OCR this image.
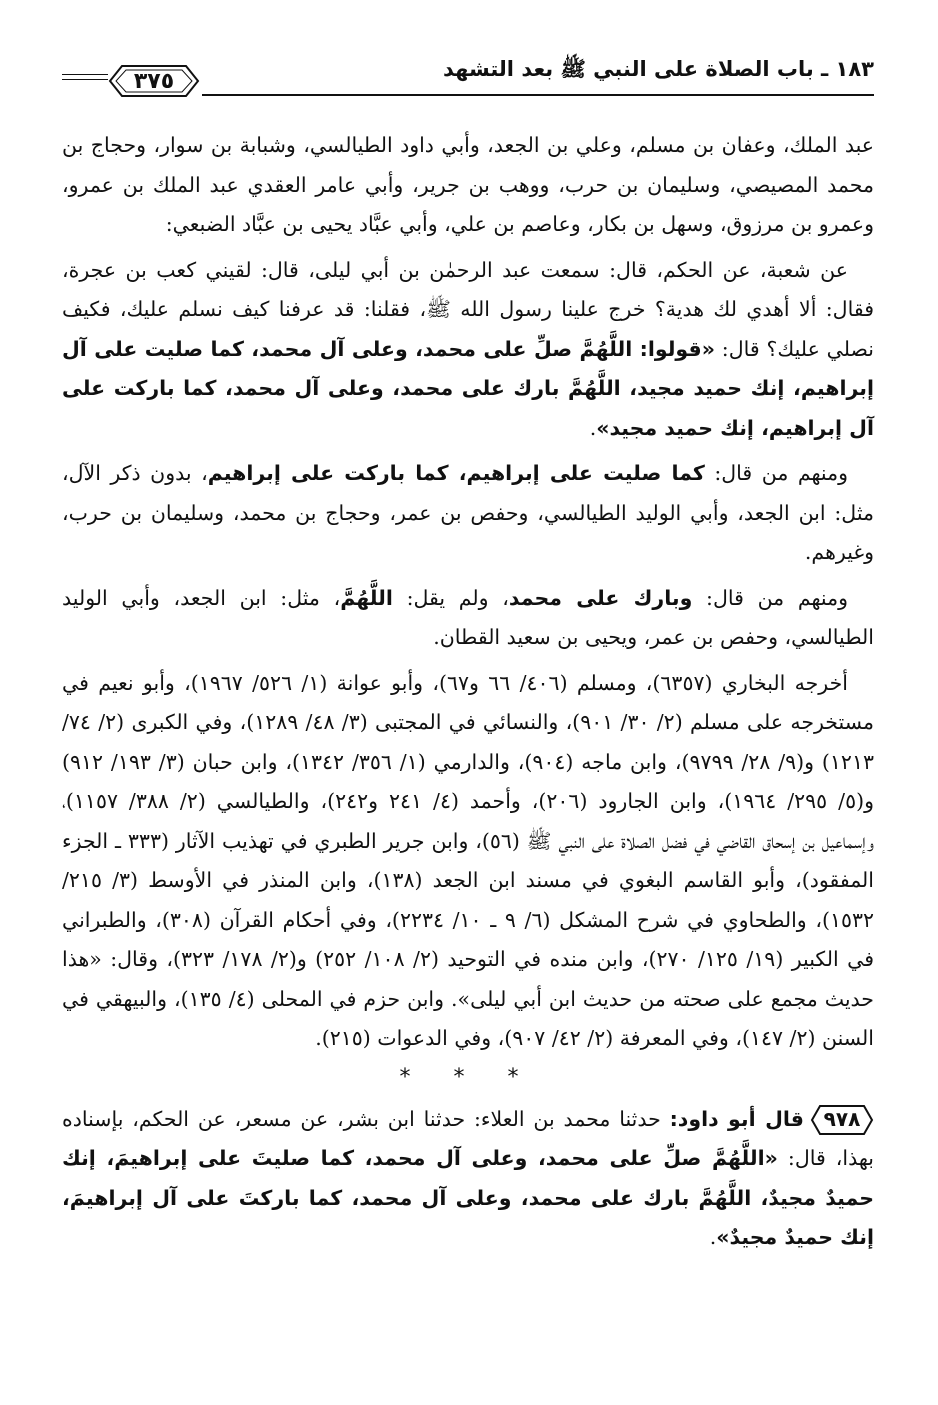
١٨٣ ـ باب الصلاة على النبي ﷺ بعد التشهد
٣٧٥

عبد الملك، وعفان بن مسلم، وعلي بن الجعد، وأبي داود الطيالسي، وشبابة بن سوار، وحجاج بن محمد المصيصي، وسليمان بن حرب، ووهب بن جرير، وأبي عامر العقدي عبد الملك بن عمرو، وعمرو بن مرزوق، وسهل بن بكار، وعاصم بن علي، وأبي عبَّاد يحيى بن عبَّاد الضبعي:

عن شعبة، عن الحكم، قال: سمعت عبد الرحمٰن بن أبي ليلى، قال: لقيني كعب بن عجرة، فقال: ألا أهدي لك هدية؟ خرج علينا رسول الله ﷺ، فقلنا: قد عرفنا كيف نسلم عليك، فكيف نصلي عليك؟ قال: «قولوا: اللَّهُمَّ صلِّ على محمد، وعلى آل محمد، كما صليت على آل إبراهيم، إنك حميد مجيد، اللَّهُمَّ بارك على محمد، وعلى آل محمد، كما باركت على آل إبراهيم، إنك حميد مجيد».

ومنهم من قال: كما صليت على إبراهيم، كما باركت على إبراهيم، بدون ذكر الآل، مثل: ابن الجعد، وأبي الوليد الطيالسي، وحفص بن عمر، وحجاج بن محمد، وسليمان بن حرب، وغيرهم.

ومنهم من قال: وبارك على محمد، ولم يقل: اللَّهُمَّ، مثل: ابن الجعد، وأبي الوليد الطيالسي، وحفص بن عمر، ويحيى بن سعيد القطان.

أخرجه البخاري (٦٣٥٧)، ومسلم (٤٠٦/ ٦٦ و٦٧)، وأبو عوانة (١/ ٥٢٦/ ١٩٦٧)، وأبو نعيم في مستخرجه على مسلم (٢/ ٣٠/ ٩٠١)، والنسائي في المجتبى (٣/ ٤٨/ ١٢٨٩)، وفي الكبرى (٢/ ٧٤/ ١٢١٣) و(٩/ ٢٨/ ٩٧٩٩)، وابن ماجه (٩٠٤)، والدارمي (١/ ٣٥٦/ ١٣٤٢)، وابن حبان (٣/ ١٩٣/ ٩١٢) و(٥/ ٢٩٥/ ١٩٦٤)، وابن الجارود (٢٠٦)، وأحمد (٤/ ٢٤١ و٢٤٢)، والطيالسي (٢/ ٣٨٨/ ١١٥٧)، وإسماعيل بن إسحاق القاضي في فضل الصلاة على النبي ﷺ (٥٦)، وابن جرير الطبري في تهذيب الآثار (٣٣٣ ـ الجزء المفقود)، وأبو القاسم البغوي في مسند ابن الجعد (١٣٨)، وابن المنذر في الأوسط (٣/ ٢١٥/ ١٥٣٢)، والطحاوي في شرح المشكل (٦/ ٩ ـ ١٠/ ٢٢٣٤)، وفي أحكام القرآن (٣٠٨)، والطبراني في الكبير (١٩/ ١٢٥/ ٢٧٠)، وابن منده في التوحيد (٢/ ١٠٨/ ٢٥٢) و(٢/ ١٧٨/ ٣٢٣)، وقال: «هذا حديث مجمع على صحته من حديث ابن أبي ليلى». وابن حزم في المحلى (٤/ ١٣٥)، والبيهقي في السنن (٢/ ١٤٧)، وفي المعرفة (٢/ ٤٢/ ٩٠٧)، وفي الدعوات (٢١٥).

* * *

٩٧٨
قال أبو داود: حدثنا محمد بن العلاء: حدثنا ابن بشر، عن مسعر، عن الحكم، بإسناده بهذا، قال: «اللَّهُمَّ صلِّ على محمد، وعلى آل محمد، كما صليتَ على إبراهيمَ، إنك حميدٌ مجيدٌ، اللَّهُمَّ بارك على محمد، وعلى آل محمد، كما باركتَ على آل إبراهيمَ، إنك حميدٌ مجيدٌ».
